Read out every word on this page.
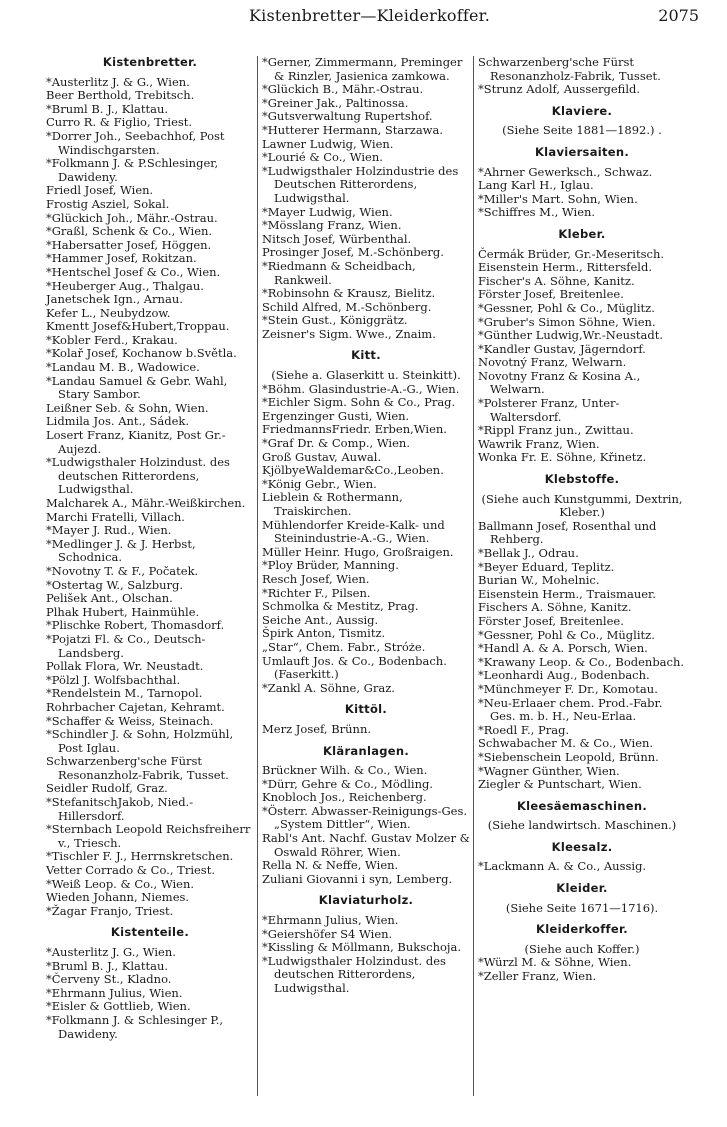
Kistenbretter—Kleiderkoffer.	2075
Kistenbretter.
*Austerlitz J. & G., Wien.
Beer Berthold, Trebitsch.
*Bruml B. J., Klattau.
Curro R. & Figlio, Triest.
*Dorrer Joh., Seebachhof, Post Windischgarsten.
*Folkmann J. & P.Schlesinger, Dawideny.
Friedl Josef, Wien.
Frostig Asziel, Sokal.
*Glückich Joh., Mähr.-Ostrau.
*Graßl, Schenk & Co., Wien.
*Habersatter Josef, Höggen.
*Hammer Josef, Rokitzan.
*Hentschel Josef & Co., Wien.
*Heuberger Aug., Thalgau.
Janetschek Ign., Arnau.
Kefer L., Neubydzow.
Kmentt Josef&Hubert,Troppau.
*Kobler Ferd., Krakau.
*Kolař Josef, Kochanow b.Světla.
*Landau M. B., Wadowice.
*Landau Samuel & Gebr. Wahl, Stary Sambor.
Leißner Seb. & Sohn, Wien.
Lidmila Jos. Ant., Sádek.
Losert Franz, Kianitz, Post Gr.-Aujezd.
*Ludwigsthaler Holzindust. des deutschen Ritterordens, Ludwigsthal.
Malcharek A., Mähr.-Weißkirchen.
Marchi Fratelli, Villach.
*Mayer J. Rud., Wien.
*Medlinger J. & J. Herbst, Schodnica.
*Novotny T. & F., Počatek.
*Ostertag W., Salzburg.
Pelišek Ant., Olschan.
Plhak Hubert, Hainmühle.
*Plischke Robert, Thomasdorf.
*Pojatzi Fl. & Co., Deutsch-Landsberg.
Pollak Flora, Wr. Neustadt.
*Pölzl J. Wolfsbachthal.
*Rendelstein M., Tarnopol.
Rohrbacher Cajetan, Kehramt.
*Schaffer & Weiss, Steinach.
*Schindler J. & Sohn, Holzmühl, Post Iglau.
Schwarzenberg'sche Fürst Resonanzholz-Fabrik, Tusset.
Seidler Rudolf, Graz.
*StefanitschJakob, Nied.-Hillersdorf.
*Sternbach Leopold Reichsfreiherr v., Triesch.
*Tischler F. J., Herrnskretschen.
Vetter Corrado & Co., Triest.
*Weiß Leop. & Co., Wien.
Wieden Johann, Niemes.
*Žagar Franjo, Triest.
Kistenteile.
*Austerlitz J. G., Wien.
*Bruml B. J., Klattau.
*Červeny St., Kladno.
*Ehrmann Julius, Wien.
*Eisler & Gottlieb, Wien.
*Folkmann J. & Schlesinger P., Dawideny.
*Gerner, Zimmermann, Preminger & Rinzler, Jasienica zamkowa.
*Glückich B., Mähr.-Ostrau.
*Greiner Jak., Paltinossa.
*Gutsverwaltung Rupertshof.
*Hutterer Hermann, Starzawa.
Lawner Ludwig, Wien.
*Lourié & Co., Wien.
*Ludwigsthaler Holzindustrie des Deutschen Ritterordens, Ludwigsthal.
*Mayer Ludwig, Wien.
*Mösslang Franz, Wien.
Nitsch Josef, Würbenthal.
Prosinger Josef, M.-Schönberg.
*Riedmann & Scheidbach, Rankweil.
*Robinsohn & Krausz, Bielitz.
Schild Alfred, M.-Schönberg.
*Stein Gust., Königgrätz.
Zeisner's Sigm. Wwe., Znaim.
Kitt.
(Siehe a. Glaserkitt u. Steinkitt).
*Böhm. Glasindustrie-A.-G., Wien.
*Eichler Sigm. Sohn & Co., Prag.
Ergenzinger Gusti, Wien.
FriedmannsFriedr. Erben,Wien.
*Graf Dr. & Comp., Wien.
Groß Gustav, Auwal.
KjölbyeWaldemar&Co.,Leoben.
*König Gebr., Wien.
Lieblein & Rothermann, Traiskirchen.
Mühlendorfer Kreide-Kalk- und Steinindustrie-A.-G., Wien.
Müller Heinr. Hugo, Großraigen.
*Ploy Brüder, Manning.
Resch Josef, Wien.
*Richter F., Pilsen.
Schmolka & Mestitz, Prag.
Seiche Ant., Aussig.
Špirk Anton, Tismitz.
„Star“, Chem. Fabr., Stróże.
Umlauft Jos. & Co., Bodenbach. (Faserkitt.)
*Zankl A. Söhne, Graz.
Kittöl.
Merz Josef, Brünn.
Kläranlagen.
Brückner Wilh. & Co., Wien.
*Dürr, Gehre & Co., Mödling.
Knobloch Jos., Reichenberg.
*Österr. Abwasser-Reinigungs-Ges. „System Dittler“, Wien.
Rabl's Ant. Nachf. Gustav Molzer & Oswald Röhrer, Wien.
Rella N. & Neffe, Wien.
Zuliani Giovanni i syn, Lemberg.
Klaviaturholz.
*Ehrmann Julius, Wien.
*Geiershöfer S4 Wien.
*Kissling & Möllmann, Bukschoja.
*Ludwigsthaler Holzindust. des deutschen Ritterordens, Ludwigsthal.
Schwarzenberg'sche Fürst Resonanzholz-Fabrik, Tusset.
*Strunz Adolf, Aussergefild.
Klaviere.
(Siehe Seite 1881—1892.) .
Klaviersaiten.
*Ahrner Gewerksch., Schwaz.
Lang Karl H., Iglau.
*Miller's Mart. Sohn, Wien.
*Schiffres M., Wien.
Kleber.
Čermák Brüder, Gr.-Meseritsch.
Eisenstein Herm., Rittersfeld.
Fischer's A. Söhne, Kanitz.
Förster Josef, Breitenlee.
*Gessner, Pohl & Co., Müglitz.
*Gruber's Simon Söhne, Wien.
*Günther Ludwig,Wr.-Neustadt.
*Kandler Gustav, Jägerndorf.
Novotný Franz, Welwarn.
Novotny Franz & Kosina A., Welwarn.
*Polsterer Franz, Unter-Waltersdorf.
*Rippl Franz jun., Zwittau.
Wawrik Franz, Wien.
Wonka Fr. E. Söhne, Křinetz.
Klebstoffe.
(Siehe auch Kunstgummi, Dextrin, Kleber.)
Ballmann Josef, Rosenthal und Rehberg.
*Bellak J., Odrau.
*Beyer Eduard, Teplitz.
Burian W., Mohelnic.
Eisenstein Herm., Traismauer.
Fischers A. Söhne, Kanitz.
Förster Josef, Breitenlee.
*Gessner, Pohl & Co., Müglitz.
*Handl A. & A. Porsch, Wien.
*Krawany Leop. & Co., Bodenbach.
*Leonhardi Aug., Bodenbach.
*Münchmeyer F. Dr., Komotau.
*Neu-Erlaaer chem. Prod.-Fabr. Ges. m. b. H., Neu-Erlaa.
*Roedl F., Prag.
Schwabacher M. & Co., Wien.
*Siebenschein Leopold, Brünn.
*Wagner Günther, Wien.
Ziegler & Puntschart, Wien.
Kleesäemaschinen.
(Siehe landwirtsch. Maschinen.)
Kleesalz.
*Lackmann A. & Co., Aussig.
Kleider.
(Siehe Seite 1671—1716).
Kleiderkoffer.
(Siehe auch Koffer.)
*Würzl M. & Söhne, Wien.
*Zeller Franz, Wien.
